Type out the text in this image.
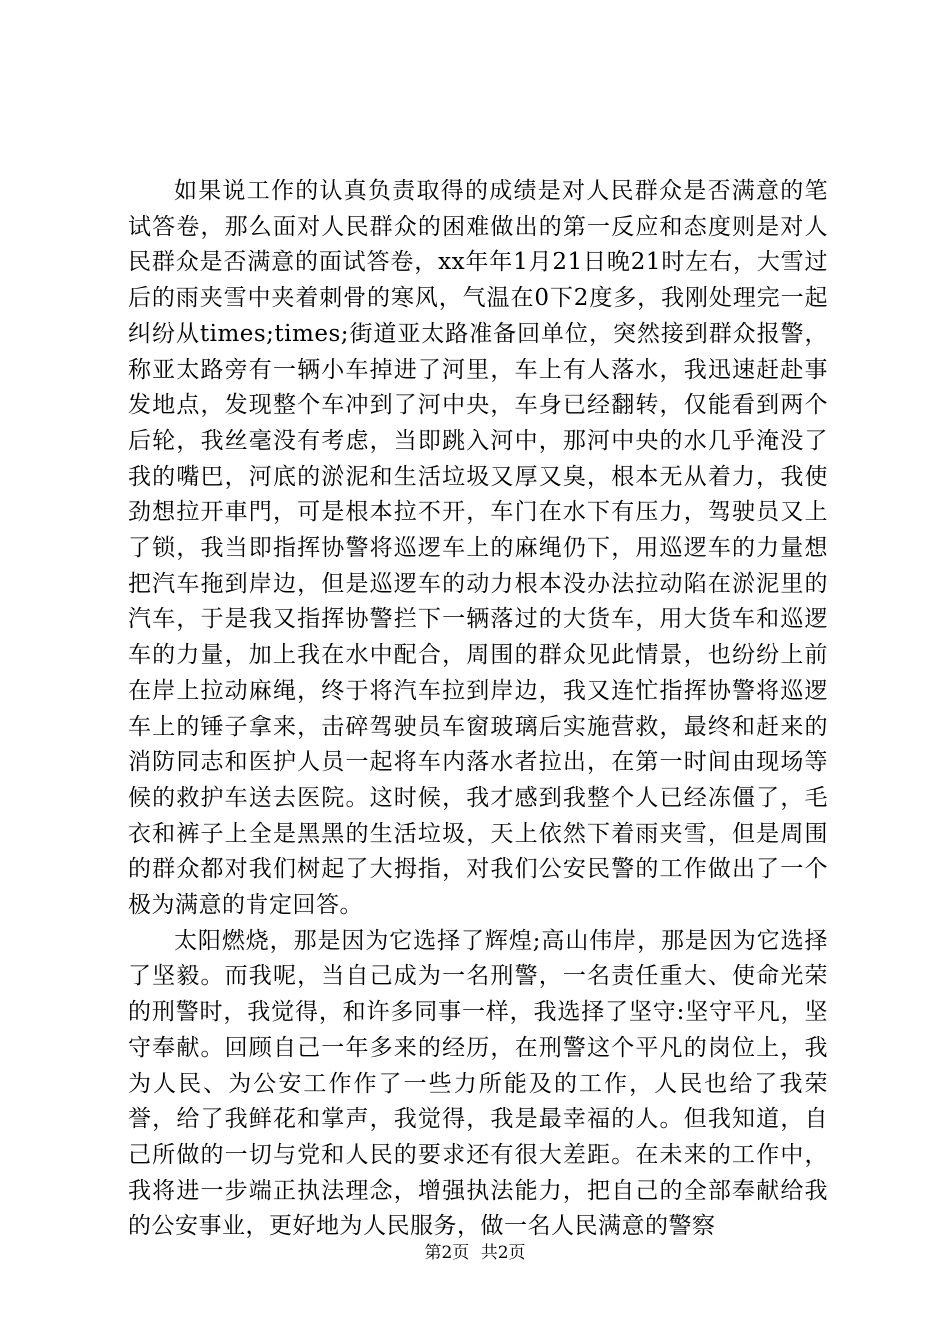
如果说工作的认真负责取得的成绩是对人民群众是否满意的笔试答卷，那么面对人民群众的困难做出的第一反应和态度则是对人民群众是否满意的面试答卷，xx年年1月21日晚21时左右，大雪过后的雨夹雪中夹着刺骨的寒风，气温在0下2度多，我刚处理完一起纠纷从times;times;街道亚太路准备回单位，突然接到群众报警，称亚太路旁有一辆小车掉进了河里，车上有人落水，我迅速赶赴事发地点，发现整个车冲到了河中央，车身已经翻转，仅能看到两个后轮，我丝毫没有考虑，当即跳入河中，那河中央的水几乎淹没了我的嘴巴，河底的淤泥和生活垃圾又厚又臭，根本无从着力，我使劲想拉开車門，可是根本拉不开，车门在水下有压力，驾驶员又上了锁，我当即指挥协警将巡逻车上的麻绳仍下，用巡逻车的力量想把汽车拖到岸边，但是巡逻车的动力根本没办法拉动陷在淤泥里的汽车，于是我又指挥协警拦下一辆落过的大货车，用大货车和巡逻车的力量，加上我在水中配合，周围的群众见此情景，也纷纷上前在岸上拉动麻绳，终于将汽车拉到岸边，我又连忙指挥协警将巡逻车上的锤子拿来，击碎驾驶员车窗玻璃后实施营救，最终和赶来的消防同志和医护人员一起将车内落水者拉出，在第一时间由现场等候的救护车送去医院。这时候，我才感到我整个人已经冻僵了，毛衣和裤子上全是黑黑的生活垃圾，天上依然下着雨夹雪，但是周围的群众都对我们树起了大拇指，对我们公安民警的工作做出了一个极为满意的肯定回答。

太阳燃烧，那是因为它选择了辉煌;高山伟岸，那是因为它选择了坚毅。而我呢，当自己成为一名刑警，一名责任重大、使命光荣的刑警时，我觉得，和许多同事一样，我选择了坚守:坚守平凡，坚守奉献。回顾自己一年多来的经历，在刑警这个平凡的岗位上，我为人民、为公安工作作了一些力所能及的工作，人民也给了我荣誉，给了我鲜花和掌声，我觉得，我是最幸福的人。但我知道，自己所做的一切与党和人民的要求还有很大差距。在未来的工作中，我将进一步端正执法理念，增强执法能力，把自己的全部奉献给我的公安事业，更好地为人民服务，做一名人民满意的警察

第2页 共2页
